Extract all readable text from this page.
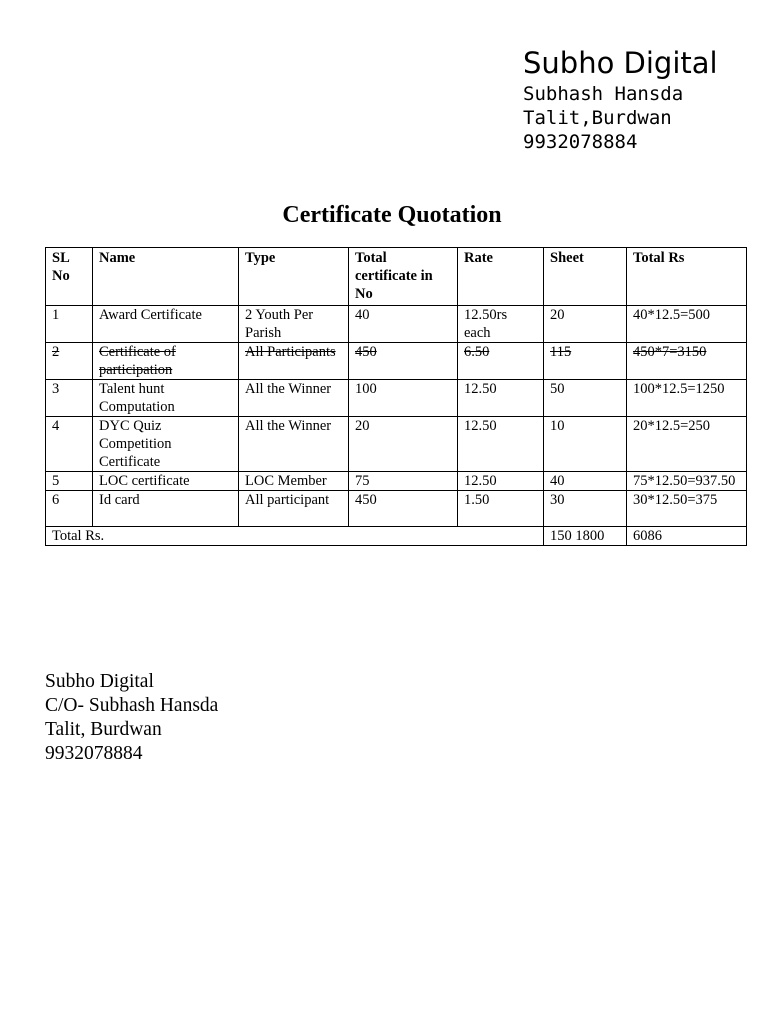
Subho Digital
Subhash Hansda
Talit,Burdwan
9932078884
Certificate Quotation
SL No	Name	Type	Total certificate in No	Rate	Sheet	Total Rs
1	Award Certificate	2 Youth Per Parish	40	12.50rs each	20	40*12.5=500
2	Certificate of participation	All Participants	450	6.50	115	450*7=3150
3	Talent hunt Computation	All the Winner	100	12.50	50	100*12.5=1250
4	DYC Quiz Competition Certificate	All the Winner	20	12.50	10	20*12.5=250
5	LOC certificate	LOC Member	75	12.50	40	75*12.50=937.50
6	Id card	All participant	450	1.50	30	30*12.50=375
Total Rs.					150 1800	6086
Subho Digital
C/O- Subhash Hansda
Talit, Burdwan
9932078884
